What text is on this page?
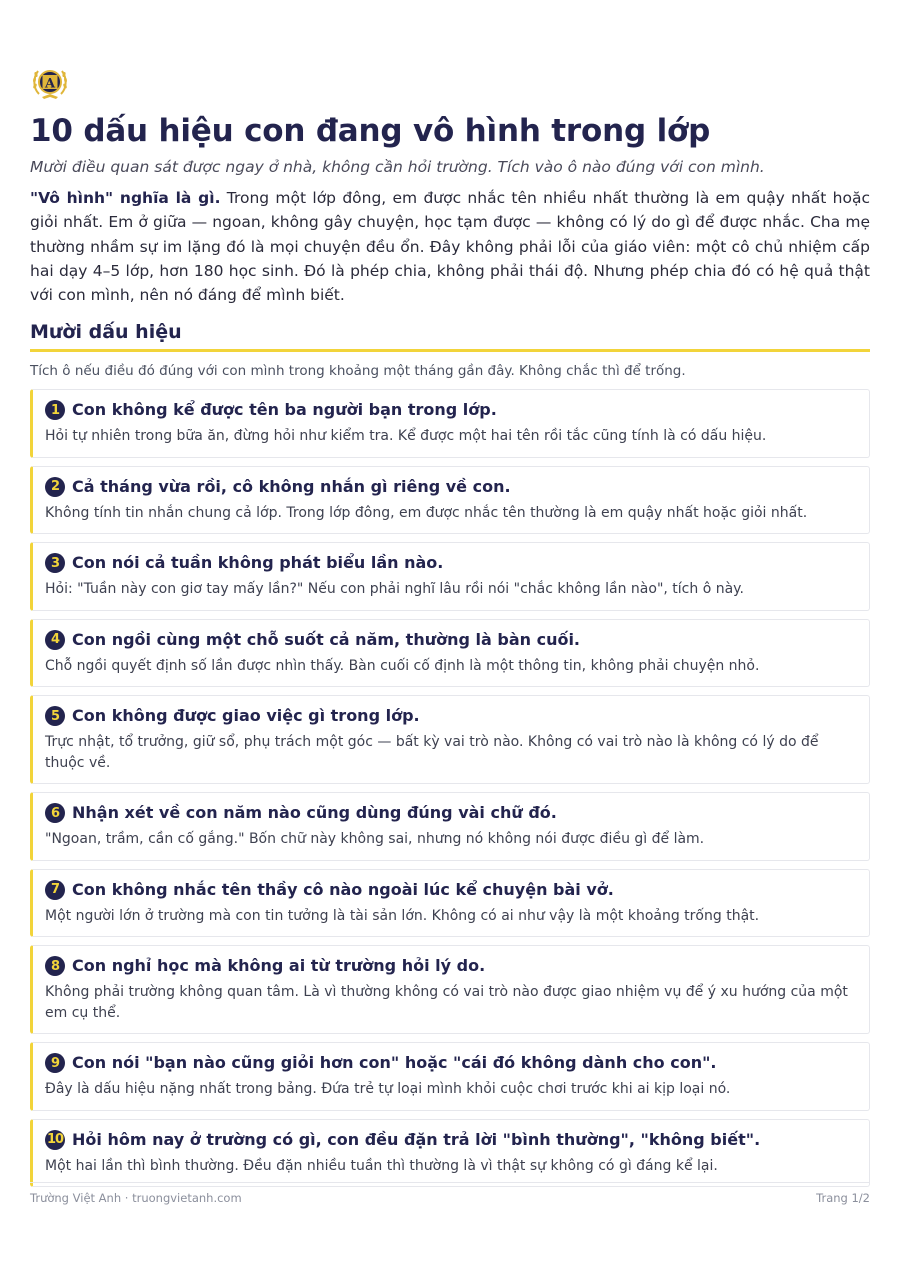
A
10 dấu hiệu con đang vô hình trong lớp

Mười điều quan sát được ngay ở nhà, không cần hỏi trường. Tích vào ô nào đúng với con mình.

"Vô hình" nghĩa là gì. Trong một lớp đông, em được nhắc tên nhiều nhất thường là em quậy nhất hoặc giỏi nhất. Em ở giữa — ngoan, không gây chuyện, học tạm được — không có lý do gì để được nhắc. Cha mẹ thường nhầm sự im lặng đó là mọi chuyện đều ổn. Đây không phải lỗi của giáo viên: một cô chủ nhiệm cấp hai dạy 4–5 lớp, hơn 180 học sinh. Đó là phép chia, không phải thái độ. Nhưng phép chia đó có hệ quả thật với con mình, nên nó đáng để mình biết.

Mười dấu hiệu

Tích ô nếu điều đó đúng với con mình trong khoảng một tháng gần đây. Không chắc thì để trống.

1 Con không kể được tên ba người bạn trong lớp.
Hỏi tự nhiên trong bữa ăn, đừng hỏi như kiểm tra. Kể được một hai tên rồi tắc cũng tính là có dấu hiệu.
2 Cả tháng vừa rồi, cô không nhắn gì riêng về con.
Không tính tin nhắn chung cả lớp. Trong lớp đông, em được nhắc tên thường là em quậy nhất hoặc giỏi nhất.
3 Con nói cả tuần không phát biểu lần nào.
Hỏi: "Tuần này con giơ tay mấy lần?" Nếu con phải nghĩ lâu rồi nói "chắc không lần nào", tích ô này.
4 Con ngồi cùng một chỗ suốt cả năm, thường là bàn cuối.
Chỗ ngồi quyết định số lần được nhìn thấy. Bàn cuối cố định là một thông tin, không phải chuyện nhỏ.
5 Con không được giao việc gì trong lớp.
Trực nhật, tổ trưởng, giữ sổ, phụ trách một góc — bất kỳ vai trò nào. Không có vai trò nào là không có lý do để thuộc về.
6 Nhận xét về con năm nào cũng dùng đúng vài chữ đó.
"Ngoan, trầm, cần cố gắng." Bốn chữ này không sai, nhưng nó không nói được điều gì để làm.
7 Con không nhắc tên thầy cô nào ngoài lúc kể chuyện bài vở.
Một người lớn ở trường mà con tin tưởng là tài sản lớn. Không có ai như vậy là một khoảng trống thật.
8 Con nghỉ học mà không ai từ trường hỏi lý do.
Không phải trường không quan tâm. Là vì thường không có vai trò nào được giao nhiệm vụ để ý xu hướng của một em cụ thể.
9 Con nói "bạn nào cũng giỏi hơn con" hoặc "cái đó không dành cho con".
Đây là dấu hiệu nặng nhất trong bảng. Đứa trẻ tự loại mình khỏi cuộc chơi trước khi ai kịp loại nó.
10 Hỏi hôm nay ở trường có gì, con đều đặn trả lời "bình thường", "không biết".
Một hai lần thì bình thường. Đều đặn nhiều tuần thì thường là vì thật sự không có gì đáng kể lại.
Trường Việt Anh · truongvietanh.com	Trang 1/2
